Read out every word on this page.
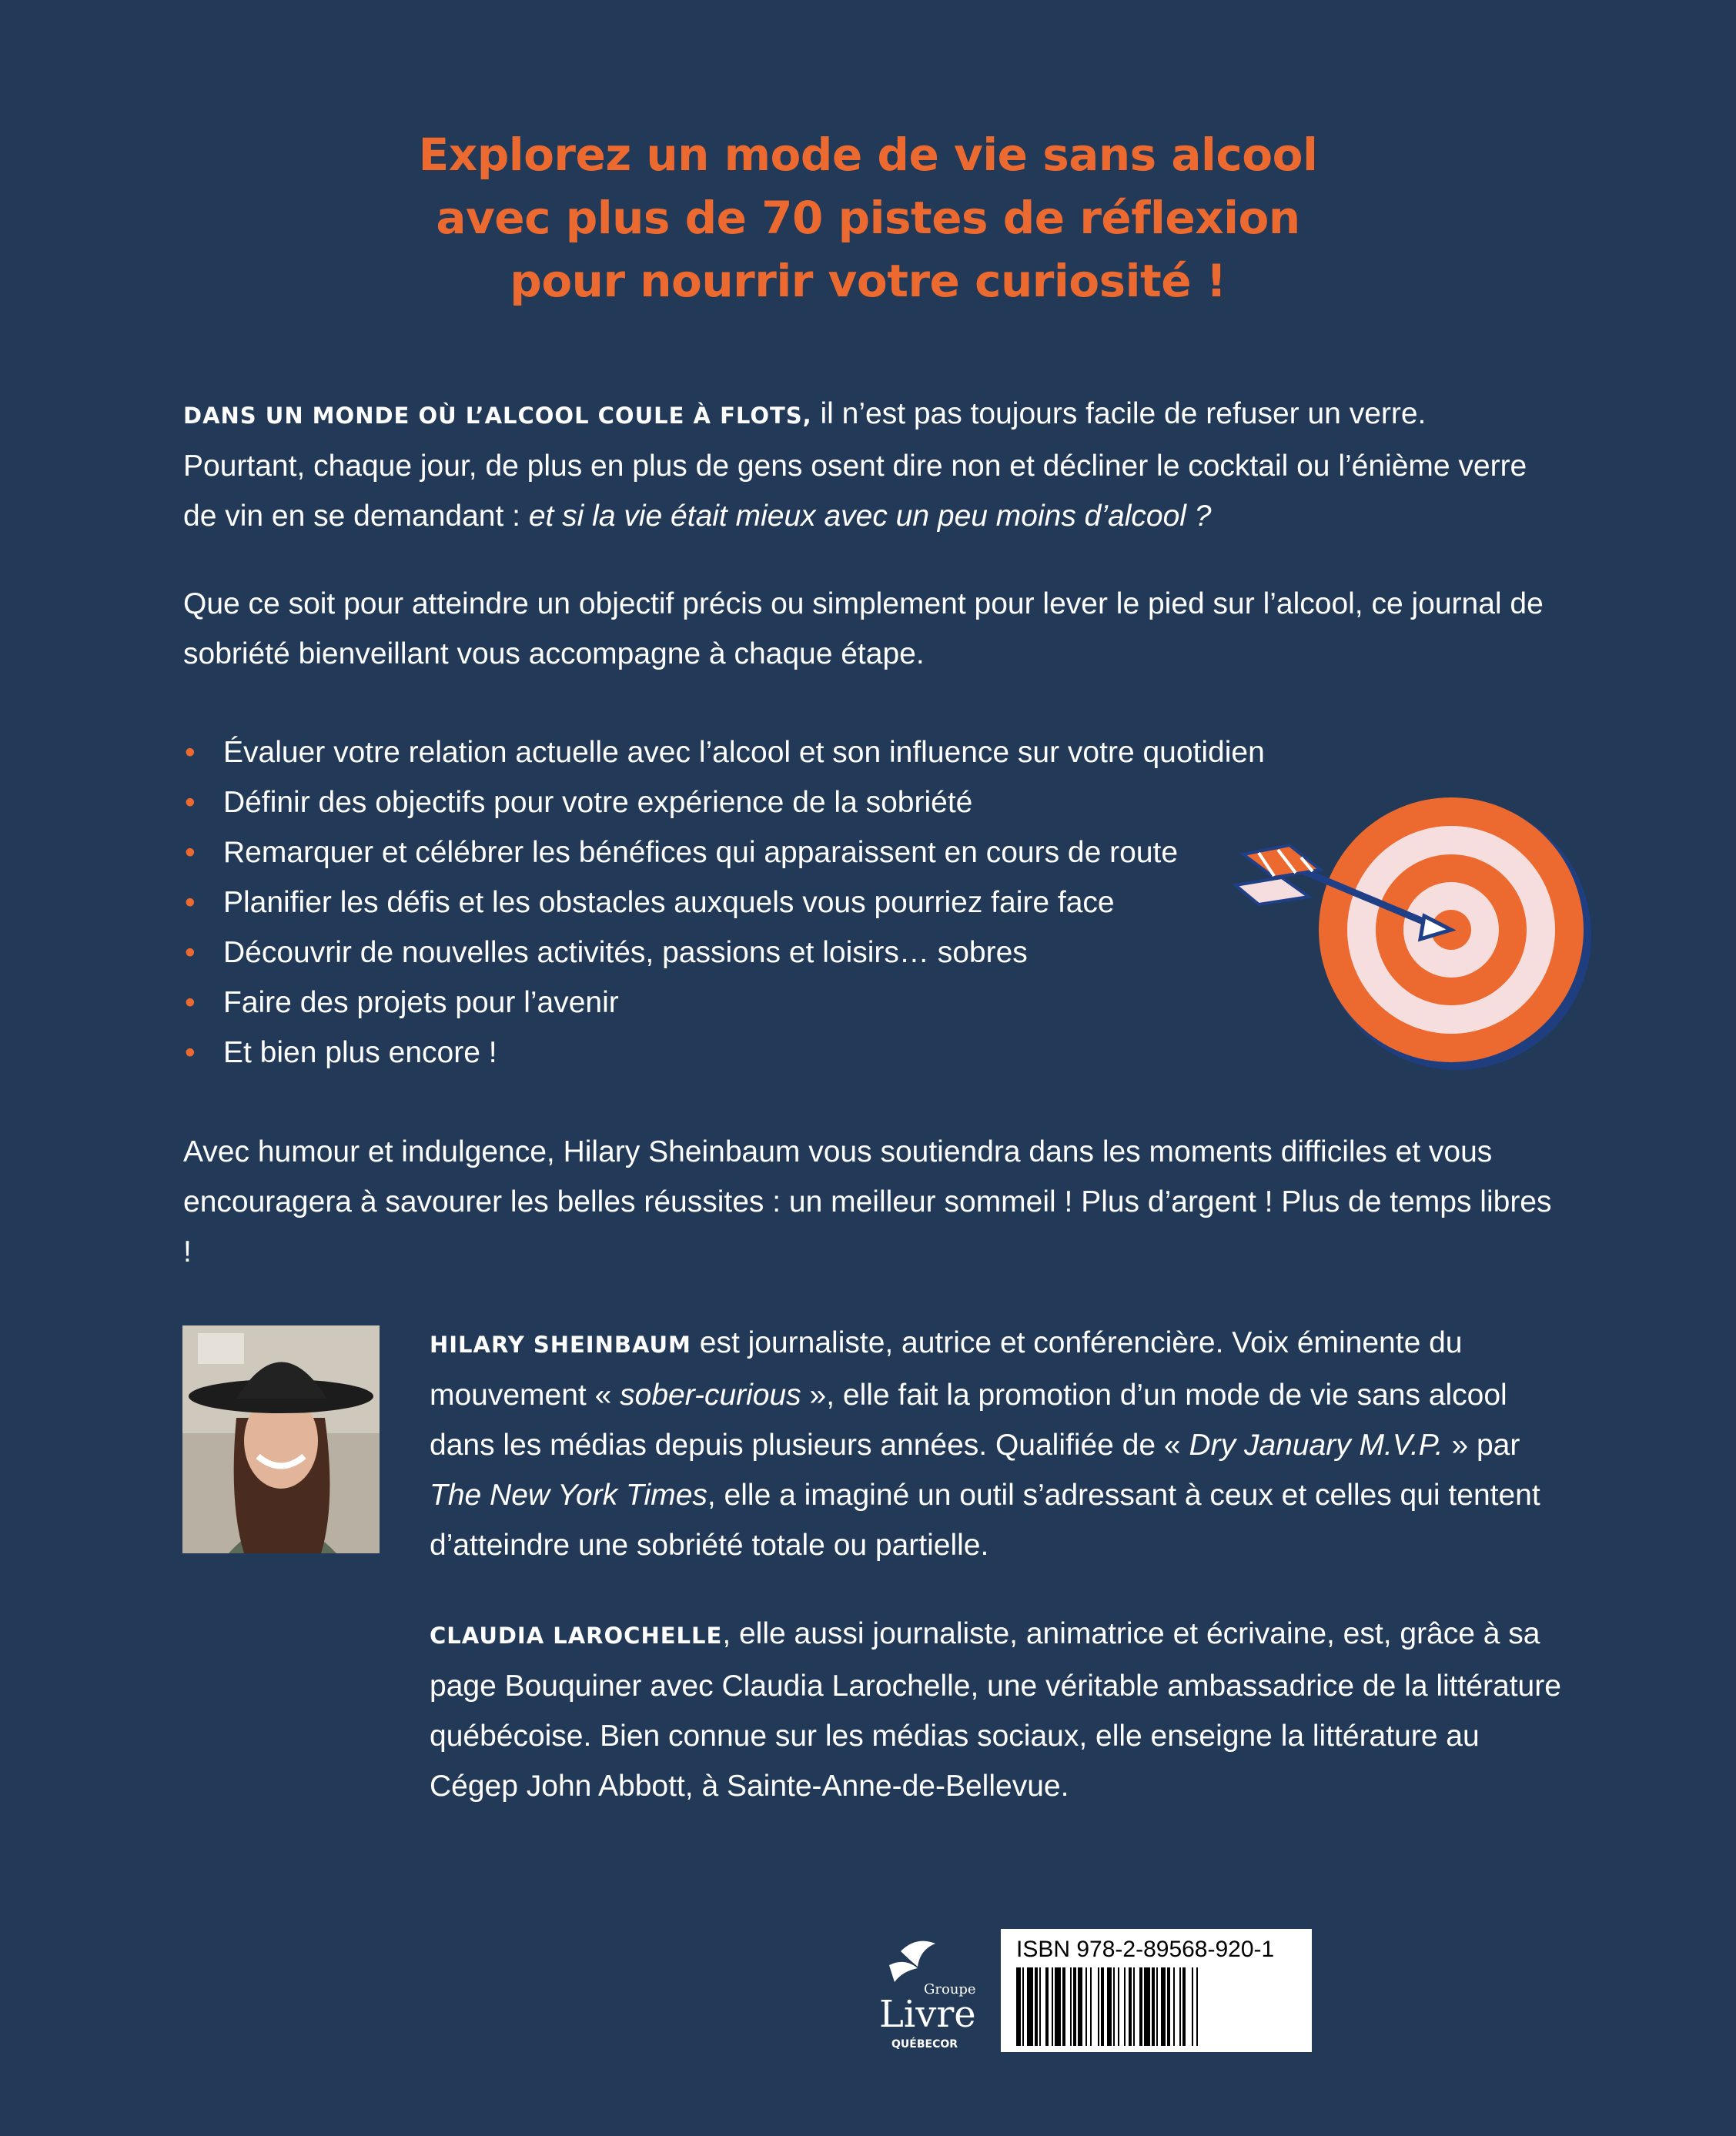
Explorez un mode de vie sans alcool
avec plus de 70 pistes de réflexion
pour nourrir votre curiosité !

DANS UN MONDE OÙ L’ALCOOL COULE À FLOTS, il n’est pas toujours facile de refuser un verre. Pourtant, chaque jour, de plus en plus de gens osent dire non et décliner le cocktail ou l’énième verre de vin en se demandant : et si la vie était mieux avec un peu moins d’alcool ?

Que ce soit pour atteindre un objectif précis ou simplement pour lever le pied sur l’alcool, ce journal de sobriété bienveillant vous accompagne à chaque étape.

• Évaluer votre relation actuelle avec l’alcool et son influence sur votre quotidien
• Définir des objectifs pour votre expérience de la sobriété
• Remarquer et célébrer les bénéfices qui apparaissent en cours de route
• Planifier les défis et les obstacles auxquels vous pourriez faire face
• Découvrir de nouvelles activités, passions et loisirs… sobres
• Faire des projets pour l’avenir
• Et bien plus encore !

Avec humour et indulgence, Hilary Sheinbaum vous soutiendra dans les moments difficiles et vous encouragera à savourer les belles réussites : un meilleur sommeil ! Plus d’argent ! Plus de temps libres !

HILARY SHEINBAUM est journaliste, autrice et conférencière. Voix éminente du mouvement « sober-curious », elle fait la promotion d’un mode de vie sans alcool dans les médias depuis plusieurs années. Qualifiée de « Dry January M.V.P. » par The New York Times, elle a imaginé un outil s’adressant à ceux et celles qui tentent d’atteindre une sobriété totale ou partielle.

CLAUDIA LAROCHELLE, elle aussi journaliste, animatrice et écrivaine, est, grâce à sa page Bouquiner avec Claudia Larochelle, une véritable ambassadrice de la littérature québécoise. Bien connue sur les médias sociaux, elle enseigne la littérature au Cégep John Abbott, à Sainte-Anne-de-Bellevue.

Groupe
Livre
QUÉBECOR
ISBN 978-2-89568-920-1
